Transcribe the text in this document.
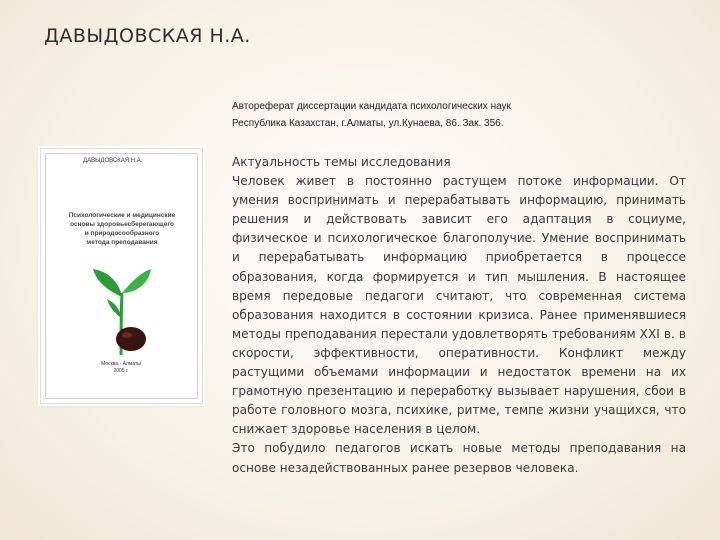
ДАВЫДОВСКАЯ Н.А.
Автореферат диссертации кандидата психологических наук
Республика Казахстан, г.Алматы, ул.Кунаева, 86. Зак. 356.
ДАВЫДОВСКАЯ Н.А.
Психологические и медицинские
основы здоровьесберегающего
и природосообразного
метода преподавания
Москва - Алматы
2005 г.
Актуальность темы исследования
Человек живет в постоянно растущем потоке информации. От умения воспринимать и перерабатывать информацию, принимать решения и действовать зависит его адаптация в социуме, физическое и психологическое благополучие. Умение воспринимать и перерабатывать информацию приобретается в процессе образования, когда формируется и тип мышления. В настоящее время передовые педагоги считают, что современная система образования находится в состоянии кризиса. Ранее применявшиеся методы преподавания перестали удовлетворять требованиям XXI в. в скорости, эффективности, оперативности. Конфликт между растущими объемами информации и недостаток времени на их грамотную презентацию и переработку вызывает нарушения, сбои в работе головного мозга, психике, ритме, темпе жизни учащихся, что снижает здоровье населения в целом.
Это побудило педагогов искать новые методы преподавания на основе незадействованных ранее резервов человека.
